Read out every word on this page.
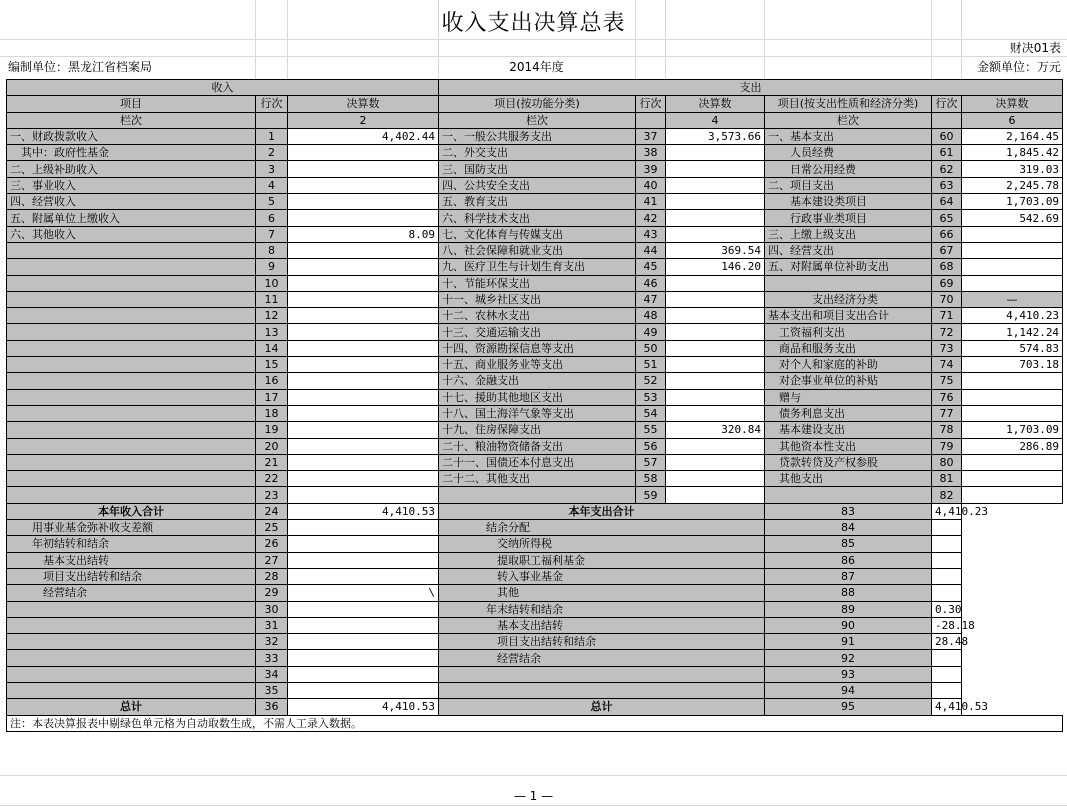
收入支出决算总表
财决01表
编制单位：黑龙江省档案局	2014年度	金额单位：万元
收入			支出					
项目	行次	决算数	项目(按功能分类)	行次	决算数	项目(按支出性质和经济分类)	行次	决算数
栏次		2	栏次		4	栏次		6
一、财政拨款收入	1	4,402.44	一、一般公共服务支出	37	3,573.66	一、基本支出	60	2,164.45
　其中：政府性基金	2		二、外交支出	38		　　人员经费	61	1,845.42
二、上级补助收入	3		三、国防支出	39		　　日常公用经费	62	319.03
三、事业收入	4		四、公共安全支出	40		二、项目支出	63	2,245.78
四、经营收入	5		五、教育支出	41		　　基本建设类项目	64	1,703.09
五、附属单位上缴收入	6		六、科学技术支出	42		　　行政事业类项目	65	542.69
六、其他收入	7	8.09	七、文化体育与传媒支出	43		三、上缴上级支出	66	
	8		八、社会保障和就业支出	44	369.54	四、经营支出	67	
	9		九、医疗卫生与计划生育支出	45	146.20	五、对附属单位补助支出	68	
	10		十、节能环保支出	46			69	
	11		十一、城乡社区支出	47		　　　　支出经济分类	70	—
	12		十二、农林水支出	48		基本支出和项目支出合计	71	4,410.23
	13		十三、交通运输支出	49		　工资福利支出	72	1,142.24
	14		十四、资源勘探信息等支出	50		　商品和服务支出	73	574.83
	15		十五、商业服务业等支出	51		　对个人和家庭的补助	74	703.18
	16		十六、金融支出	52		　对企事业单位的补贴	75	
	17		十七、援助其他地区支出	53		　赠与	76	
	18		十八、国土海洋气象等支出	54		　债务利息支出	77	
	19		十九、住房保障支出	55	320.84	　基本建设支出	78	1,703.09
	20		二十、粮油物资储备支出	56		　其他资本性支出	79	286.89
	21		二十一、国债还本付息支出	57		　贷款转贷及产权参股	80	
	22		二十二、其他支出	58		　其他支出	81	
	23			59			82	
本年收入合计	24	4,410.53	本年支出合计			83	4,410.23	
　　用事业基金弥补收支差额	25		　　　　结余分配			84		
　　年初结转和结余	26		　　　　　交纳所得税			85		
　　　基本支出结转	27		　　　　　提取职工福利基金			86		
　　　项目支出结转和结余	28		　　　　　转入事业基金			87		
　　　经营结余	29	\	　　　　　其他			88		
	30		　　　　年末结转和结余			89	0.30	
	31		　　　　　基本支出结转			90	-28.18	
	32		　　　　　项目支出结转和结余			91	28.48	
	33		　　　　　经营结余			92		
	34					93		
	35					94		
总计	36	4,410.53	总计			95	4,410.53	
注：本表决算报表中剔绿色单元格为自动取数生成，不需人工录入数据。								
— 1 —
